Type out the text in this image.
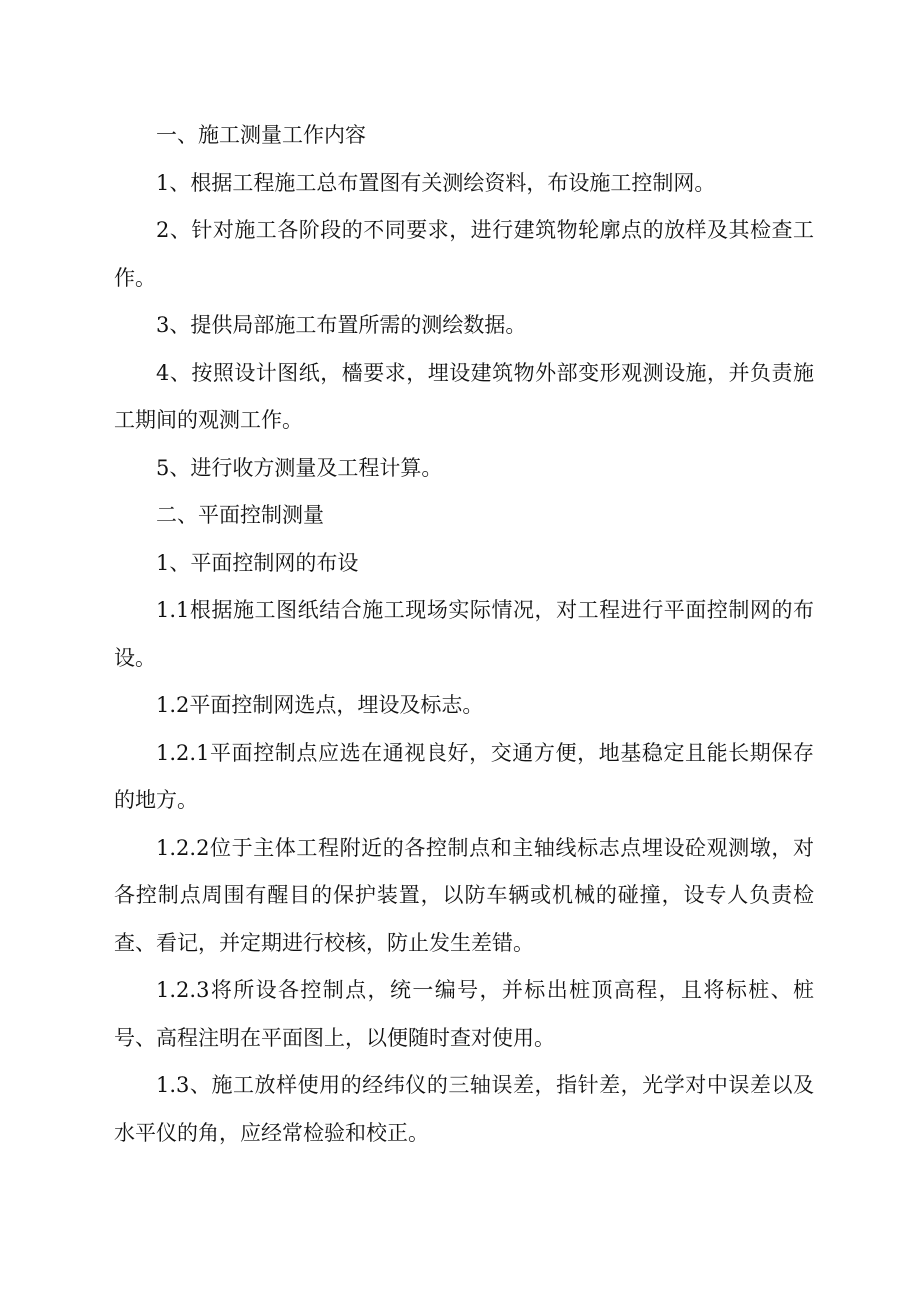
一、施工测量工作内容

1、根据工程施工总布置图有关测绘资料，布设施工控制网。

2、针对施工各阶段的不同要求，进行建筑物轮廓点的放样及其检查工作。

3、提供局部施工布置所需的测绘数据。

4、按照设计图纸，檣要求，埋设建筑物外部变形观测设施，并负责施工期间的观测工作。

5、进行收方测量及工程计算。

二、平面控制测量

1、平面控制网的布设

1.1根据施工图纸结合施工现场实际情况，对工程进行平面控制网的布设。

1.2平面控制网选点，埋设及标志。

1.2.1平面控制点应选在通视良好，交通方便，地基稳定且能长期保存的地方。

1.2.2位于主体工程附近的各控制点和主轴线标志点埋设砼观测墩，对各控制点周围有醒目的保护装置，以防车辆或机械的碰撞，设专人负责检查、看记，并定期进行校核，防止发生差错。

1.2.3将所设各控制点，统一编号，并标出桩顶高程，且将标桩、桩号、高程注明在平面图上，以便随时查对使用。

1.3、施工放样使用的经纬仪的三轴误差，指针差，光学对中误差以及水平仪的角，应经常检验和校正。
